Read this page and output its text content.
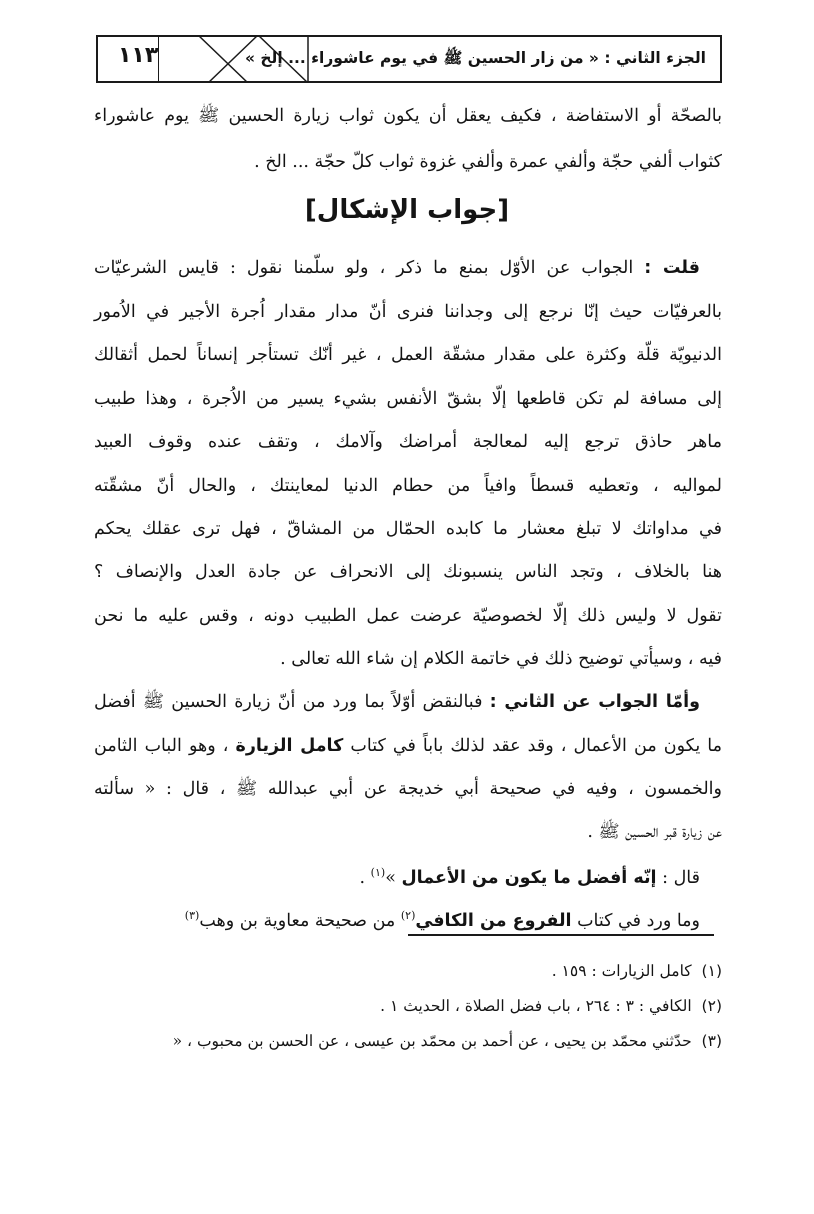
١١٣	الجزء الثاني : « من زار الحسين ﷺ في يوم عاشوراء ... إلخ »
بالصحّة أو الاستفاضة ، فكيف يعقل أن يكون ثواب زيارة الحسين ﷺ يوم عاشوراء
كثواب ألفي حجّة وألفي عمرة وألفي غزوة ثواب كلّ حجّة ... الخ .
[جواب الإشكال]
قلت : الجواب عن الأوّل بمنع ما ذكر ، ولو سلّمنا نقول : قايس الشرعيّات
بالعرفيّات حيث إنّا نرجع إلى وجداننا فنرى أنّ مدار مقدار اُجرة الأجير في الاُمور
الدنيويّة قلّة وكثرة على مقدار مشقّة العمل ، غير أنّك تستأجر إنساناً لحمل أثقالك
إلى مسافة لم تكن قاطعها إلّا بشقّ الأنفس بشيء يسير من الاُجرة ، وهذا طبيب
ماهر حاذق ترجع إليه لمعالجة أمراضك وآلامك ، وتقف عنده وقوف العبيد
لمواليه ، وتعطيه قسطاً وافياً من حطام الدنيا لمعاينتك ، والحال أنّ مشقّته
في مداواتك لا تبلغ معشار ما كابده الحمّال من المشاقّ ، فهل ترى عقلك يحكم
هنا بالخلاف ، وتجد الناس ينسبونك إلى الانحراف عن جادة العدل والإنصاف ؟
تقول لا وليس ذلك إلّا لخصوصيّة عرضت عمل الطبيب دونه ، وقس عليه ما نحن
فيه ، وسيأتي توضيح ذلك في خاتمة الكلام إن شاء الله تعالى .
وأمّا الجواب عن الثاني : فبالنقض أوّلاً بما ورد من أنّ زيارة الحسين ﷺ أفضل
ما يكون من الأعمال ، وقد عقد لذلك باباً في كتاب كامل الزيارة ، وهو الباب الثامن
والخمسون ، وفيه في صحيحة أبي خديجة عن أبي عبدالله ﷺ ، قال : « سألته
عن زيارة قبر الحسين ﷺ .
قال : إنّه أفضل ما يكون من الأعمال »$^{(١)}$ .
وما ورد في كتاب الفروع من الكافي$^{(٢)}$ من صحيحة معاوية بن وهب$^{(٣)}$
(١)  كامل الزيارات : ١٥٩ .
(٢)  الكافي : ٣ : ٢٦٤ ، باب فضل الصلاة ، الحديث ١ .
(٣)  حدّثني محمّد بن يحيى ، عن أحمد بن محمّد بن عيسى ، عن الحسن بن محبوب ، «
